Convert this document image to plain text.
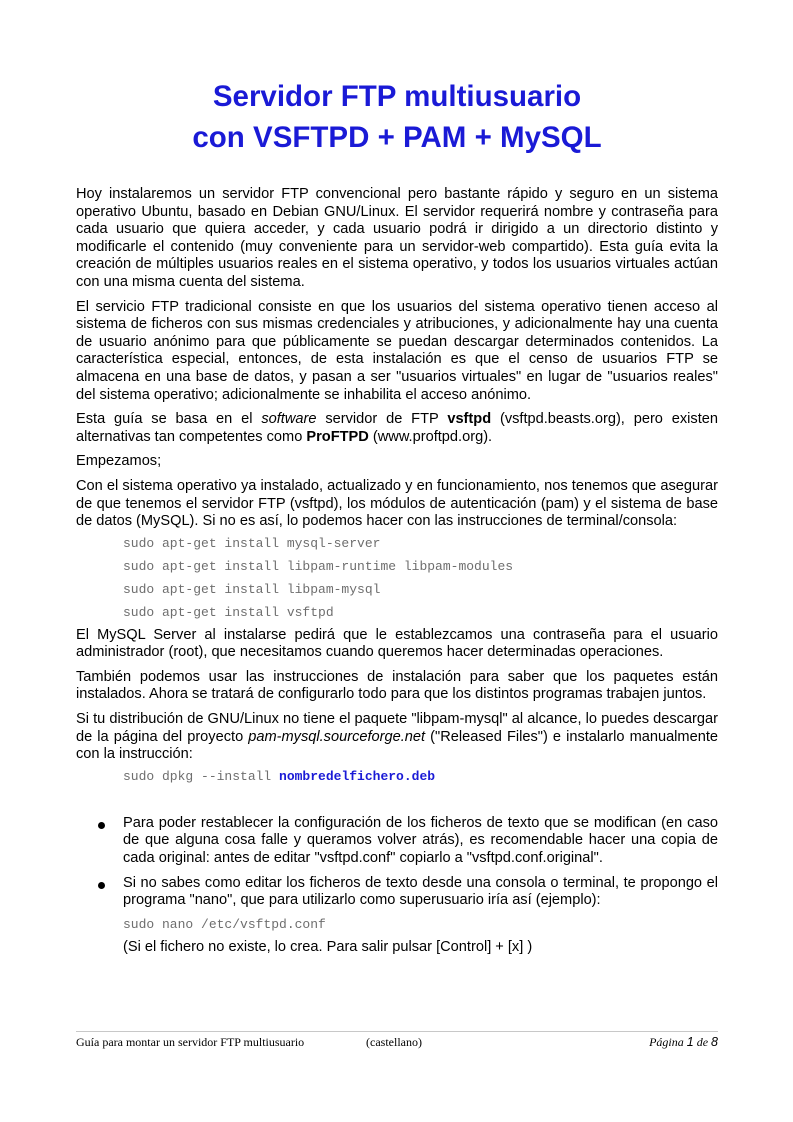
Servidor FTP multiusuario
con VSFTPD + PAM + MySQL

Hoy instalaremos un servidor FTP convencional pero bastante rápido y seguro en un sistema operativo Ubuntu, basado en Debian GNU/Linux. El servidor requerirá nombre y contraseña para cada usuario que quiera acceder, y cada usuario podrá ir dirigido a un directorio distinto y modificarle el contenido (muy conveniente para un servidor-web compartido). Esta guía evita la creación de múltiples usuarios reales en el sistema operativo, y todos los usuarios virtuales actúan con una misma cuenta del sistema.

El servicio FTP tradicional consiste en que los usuarios del sistema operativo tienen acceso al sistema de ficheros con sus mismas credenciales y atribuciones, y adicionalmente hay una cuenta de usuario anónimo para que públicamente se puedan descargar determinados contenidos. La característica especial, entonces, de esta instalación es que el censo de usuarios FTP se almacena en una base de datos, y pasan a ser "usuarios virtuales" en lugar de "usuarios reales" del sistema operativo; adicionalmente se inhabilita el acceso anónimo.

Esta guía se basa en el software servidor de FTP vsftpd (vsftpd.beasts.org), pero existen alternativas tan competentes como ProFTPD (www.proftpd.org).

Empezamos;

Con el sistema operativo ya instalado, actualizado y en funcionamiento, nos tenemos que asegurar de que tenemos el servidor FTP (vsftpd), los módulos de autenticación (pam) y el sistema de base de datos (MySQL). Si no es así, lo podemos hacer con las instrucciones de terminal/consola:

sudo apt-get install mysql-server
sudo apt-get install libpam-runtime libpam-modules
sudo apt-get install libpam-mysql
sudo apt-get install vsftpd

El MySQL Server al instalarse pedirá que le establezcamos una contraseña para el usuario administrador (root), que necesitamos cuando queremos hacer determinadas operaciones.

También podemos usar las instrucciones de instalación para saber que los paquetes están instalados. Ahora se tratará de configurarlo todo para que los distintos programas trabajen juntos.

Si tu distribución de GNU/Linux no tiene el paquete "libpam-mysql" al alcance, lo puedes descargar de la página del proyecto pam-mysql.sourceforge.net ("Released Files") e instalarlo manualmente con la instrucción:

sudo dpkg --install nombredelfichero.deb

Para poder restablecer la configuración de los ficheros de texto que se modifican (en caso de que alguna cosa falle y queramos volver atrás), es recomendable hacer una copia de cada original: antes de editar "vsftpd.conf" copiarlo a "vsftpd.conf.original".

Si no sabes como editar los ficheros de texto desde una consola o terminal, te propongo el programa "nano", que para utilizarlo como superusuario iría así (ejemplo):

sudo nano /etc/vsftpd.conf

(Si el fichero no existe, lo crea. Para salir pulsar [Control] + [x] )

Guía para montar un servidor FTP multiusuario	(castellano)	Página 1 de 8
